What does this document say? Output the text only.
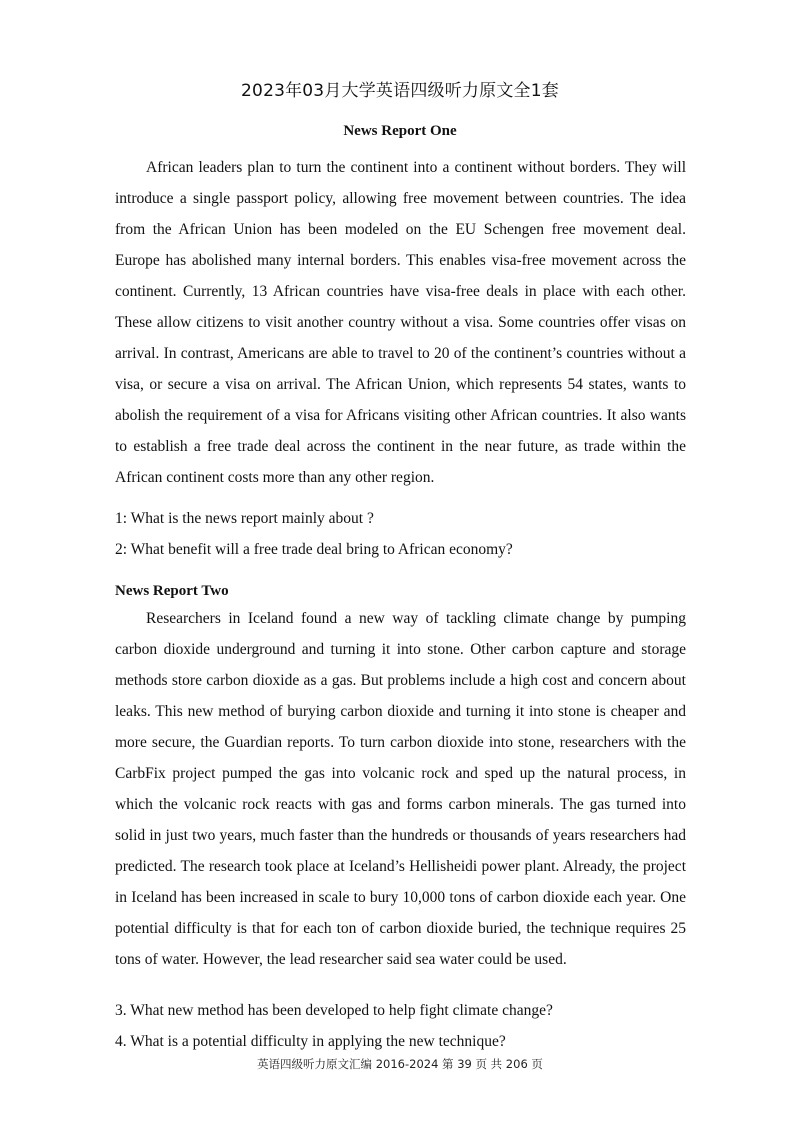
2023年03月大学英语四级听力原文全1套
News Report One

African leaders plan to turn the continent into a continent without borders. They will introduce a single passport policy, allowing free movement between countries. The idea from the African Union has been modeled on the EU Schengen free movement deal. Europe has abolished many internal borders. This enables visa-free movement across the continent. Currently, 13 African countries have visa-free deals in place with each other. These allow citizens to visit another country without a visa. Some countries offer visas on arrival. In contrast, Americans are able to travel to 20 of the continent’s countries without a visa, or secure a visa on arrival. The African Union, which represents 54 states, wants to abolish the requirement of a visa for Africans visiting other African countries. It also wants to establish a free trade deal across the continent in the near future, as trade within the African continent costs more than any other region.

1: What is the news report mainly about ?

2: What benefit will a free trade deal bring to African economy?

News Report Two

Researchers in Iceland found a new way of tackling climate change by pumping carbon dioxide underground and turning it into stone. Other carbon capture and storage methods store carbon dioxide as a gas. But problems include a high cost and concern about leaks. This new method of burying carbon dioxide and turning it into stone is cheaper and more secure, the Guardian reports. To turn carbon dioxide into stone, researchers with the CarbFix project pumped the gas into volcanic rock and sped up the natural process, in which the volcanic rock reacts with gas and forms carbon minerals. The gas turned into solid in just two years, much faster than the hundreds or thousands of years researchers had predicted. The research took place at Iceland’s Hellisheidi power plant. Already, the project in Iceland has been increased in scale to bury 10,000 tons of carbon dioxide each year. One potential difficulty is that for each ton of carbon dioxide buried, the technique requires 25 tons of water. However, the lead researcher said sea water could be used.

3. What new method has been developed to help fight climate change?

4. What is a potential difficulty in applying the new technique?

英语四级听力原文汇编 2016-2024 第 39 页 共 206 页
